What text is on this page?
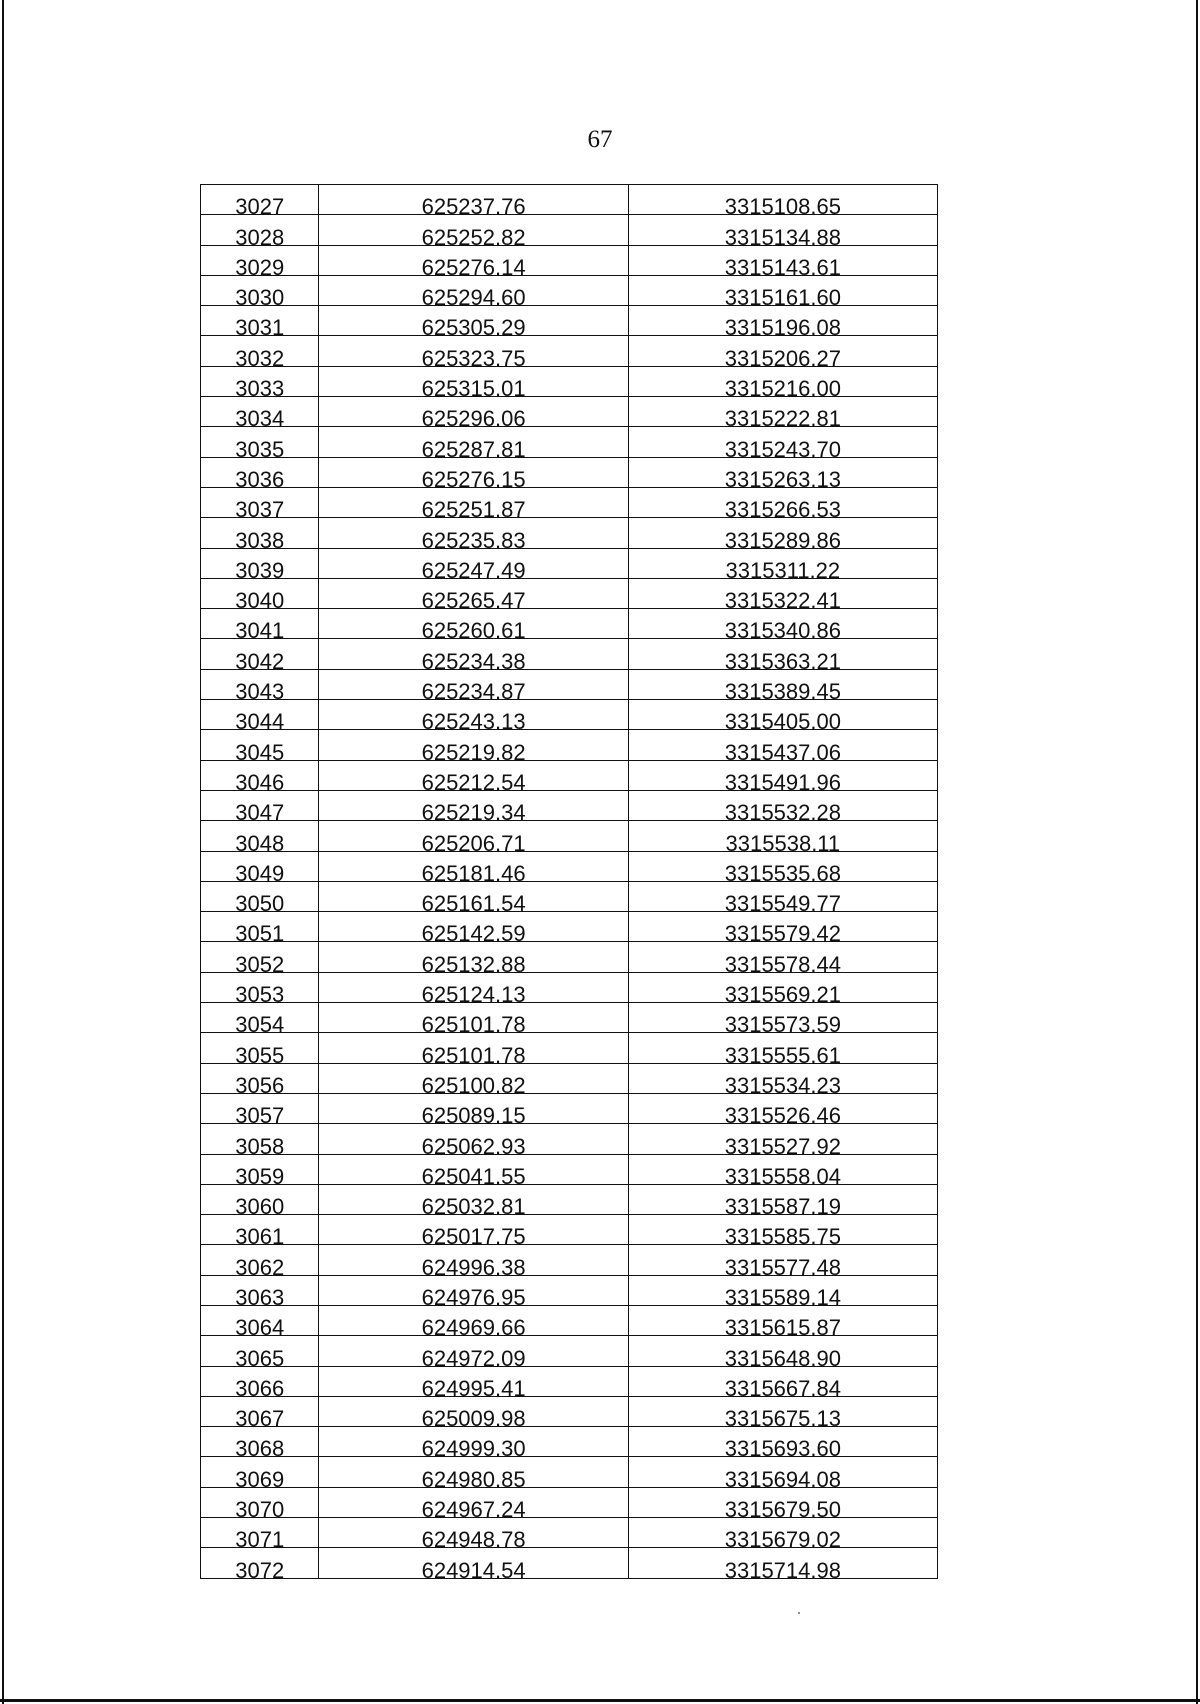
67
3027	625237.76	3315108.65
3028	625252.82	3315134.88
3029	625276.14	3315143.61
3030	625294.60	3315161.60
3031	625305.29	3315196.08
3032	625323.75	3315206.27
3033	625315.01	3315216.00
3034	625296.06	3315222.81
3035	625287.81	3315243.70
3036	625276.15	3315263.13
3037	625251.87	3315266.53
3038	625235.83	3315289.86
3039	625247.49	3315311.22
3040	625265.47	3315322.41
3041	625260.61	3315340.86
3042	625234.38	3315363.21
3043	625234.87	3315389.45
3044	625243.13	3315405.00
3045	625219.82	3315437.06
3046	625212.54	3315491.96
3047	625219.34	3315532.28
3048	625206.71	3315538.11
3049	625181.46	3315535.68
3050	625161.54	3315549.77
3051	625142.59	3315579.42
3052	625132.88	3315578.44
3053	625124.13	3315569.21
3054	625101.78	3315573.59
3055	625101.78	3315555.61
3056	625100.82	3315534.23
3057	625089.15	3315526.46
3058	625062.93	3315527.92
3059	625041.55	3315558.04
3060	625032.81	3315587.19
3061	625017.75	3315585.75
3062	624996.38	3315577.48
3063	624976.95	3315589.14
3064	624969.66	3315615.87
3065	624972.09	3315648.90
3066	624995.41	3315667.84
3067	625009.98	3315675.13
3068	624999.30	3315693.60
3069	624980.85	3315694.08
3070	624967.24	3315679.50
3071	624948.78	3315679.02
3072	624914.54	3315714.98
